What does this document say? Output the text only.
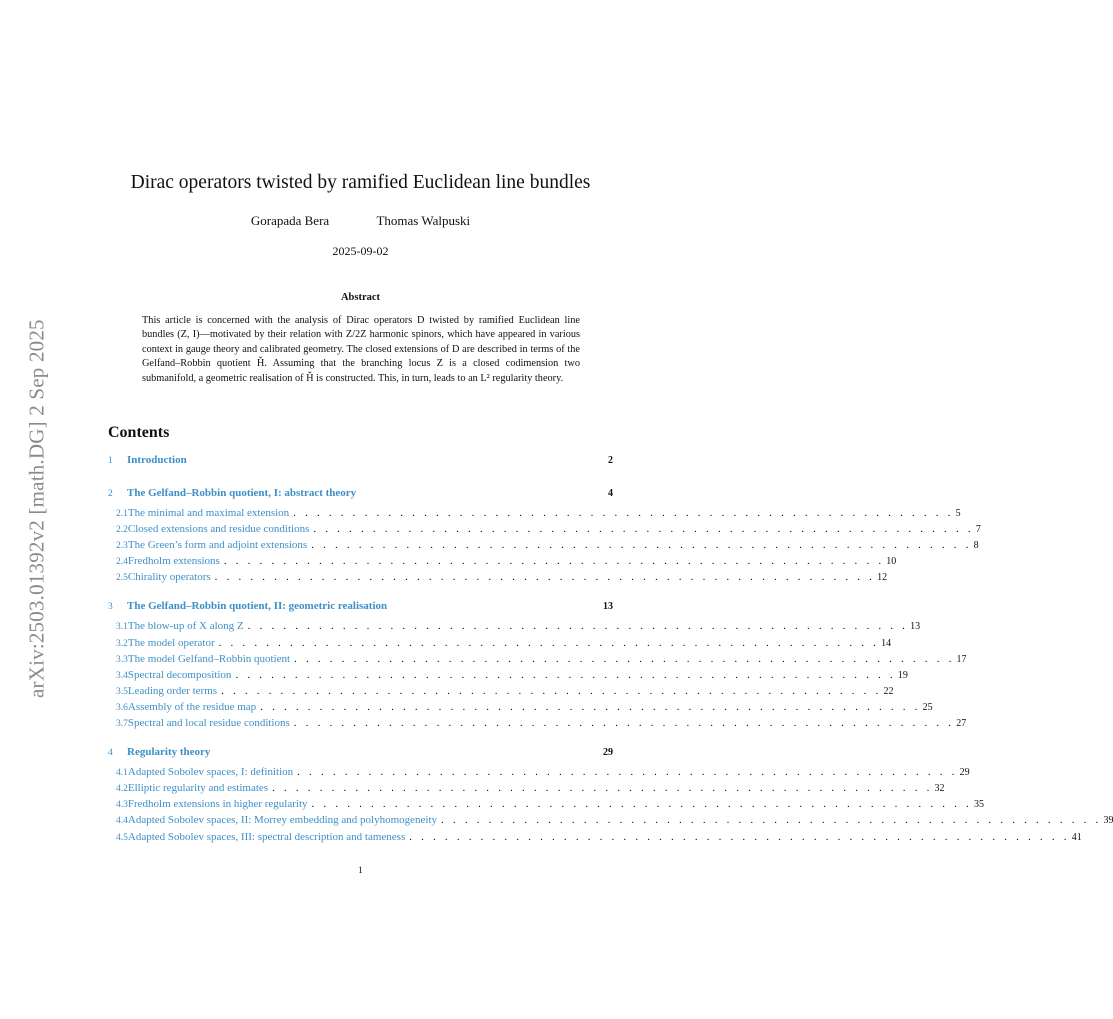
arXiv:2503.01392v2 [math.DG] 2 Sep 2025
Dirac operators twisted by ramified Euclidean line bundles
Gorapada Bera	Thomas Walpuski
2025-09-02
Abstract
This article is concerned with the analysis of Dirac operators D twisted by ramified Euclidean line bundles (Z, I)—motivated by their relation with Z/2Z harmonic spinors, which have appeared in various context in gauge theory and calibrated geometry. The closed extensions of D are described in terms of the Gelfand–Robbin quotient Ȟ. Assuming that the branching locus Z is a closed codimension two submanifold, a geometric realisation of Ȟ is constructed. This, in turn, leads to an L² regularity theory.
Contents
1	Introduction	2
2	The Gelfand–Robbin quotient, I: abstract theory	4
2.1 The minimal and maximal extension . . . . . . . . . . . . . . . . . . . . . . . . . . . . . . . . . . . . . . . . . . . . . . . . . . . . . . . . 5
2.2 Closed extensions and residue conditions . . . . . . . . . . . . . . . . . . . . . . . . . . . . . . . . . . . . . . . . . . . . . . . . . . . . . . . . 7
2.3 The Green’s form and adjoint extensions . . . . . . . . . . . . . . . . . . . . . . . . . . . . . . . . . . . . . . . . . . . . . . . . . . . . . . . . 8
2.4 Fredholm extensions . . . . . . . . . . . . . . . . . . . . . . . . . . . . . . . . . . . . . . . . . . . . . . . . . . . . . . . . 10
2.5 Chirality operators . . . . . . . . . . . . . . . . . . . . . . . . . . . . . . . . . . . . . . . . . . . . . . . . . . . . . . . . 12
3	The Gelfand–Robbin quotient, II: geometric realisation	13
3.1 The blow-up of X along Z . . . . . . . . . . . . . . . . . . . . . . . . . . . . . . . . . . . . . . . . . . . . . . . . . . . . . . . . 13
3.2 The model operator . . . . . . . . . . . . . . . . . . . . . . . . . . . . . . . . . . . . . . . . . . . . . . . . . . . . . . . . 14
3.3 The model Gelfand–Robbin quotient . . . . . . . . . . . . . . . . . . . . . . . . . . . . . . . . . . . . . . . . . . . . . . . . . . . . . . . . 17
3.4 Spectral decomposition . . . . . . . . . . . . . . . . . . . . . . . . . . . . . . . . . . . . . . . . . . . . . . . . . . . . . . . . 19
3.5 Leading order terms . . . . . . . . . . . . . . . . . . . . . . . . . . . . . . . . . . . . . . . . . . . . . . . . . . . . . . . . 22
3.6 Assembly of the residue map . . . . . . . . . . . . . . . . . . . . . . . . . . . . . . . . . . . . . . . . . . . . . . . . . . . . . . . . 25
3.7 Spectral and local residue conditions . . . . . . . . . . . . . . . . . . . . . . . . . . . . . . . . . . . . . . . . . . . . . . . . . . . . . . . . 27
4	Regularity theory	29
4.1 Adapted Sobolev spaces, I: definition . . . . . . . . . . . . . . . . . . . . . . . . . . . . . . . . . . . . . . . . . . . . . . . . . . . . . . . . 29
4.2 Elliptic regularity and estimates . . . . . . . . . . . . . . . . . . . . . . . . . . . . . . . . . . . . . . . . . . . . . . . . . . . . . . . . 32
4.3 Fredholm extensions in higher regularity . . . . . . . . . . . . . . . . . . . . . . . . . . . . . . . . . . . . . . . . . . . . . . . . . . . . . . . . 35
4.4 Adapted Sobolev spaces, II: Morrey embedding and polyhomogeneity . . . . . . . . . . . . . . . . . . . . . . . . . . . . . . . . . . . . . . . . . . . . . . . . . . . . . . . . 39
4.5 Adapted Sobolev spaces, III: spectral description and tameness . . . . . . . . . . . . . . . . . . . . . . . . . . . . . . . . . . . . . . . . . . . . . . . . . . . . . . . . 41
1
